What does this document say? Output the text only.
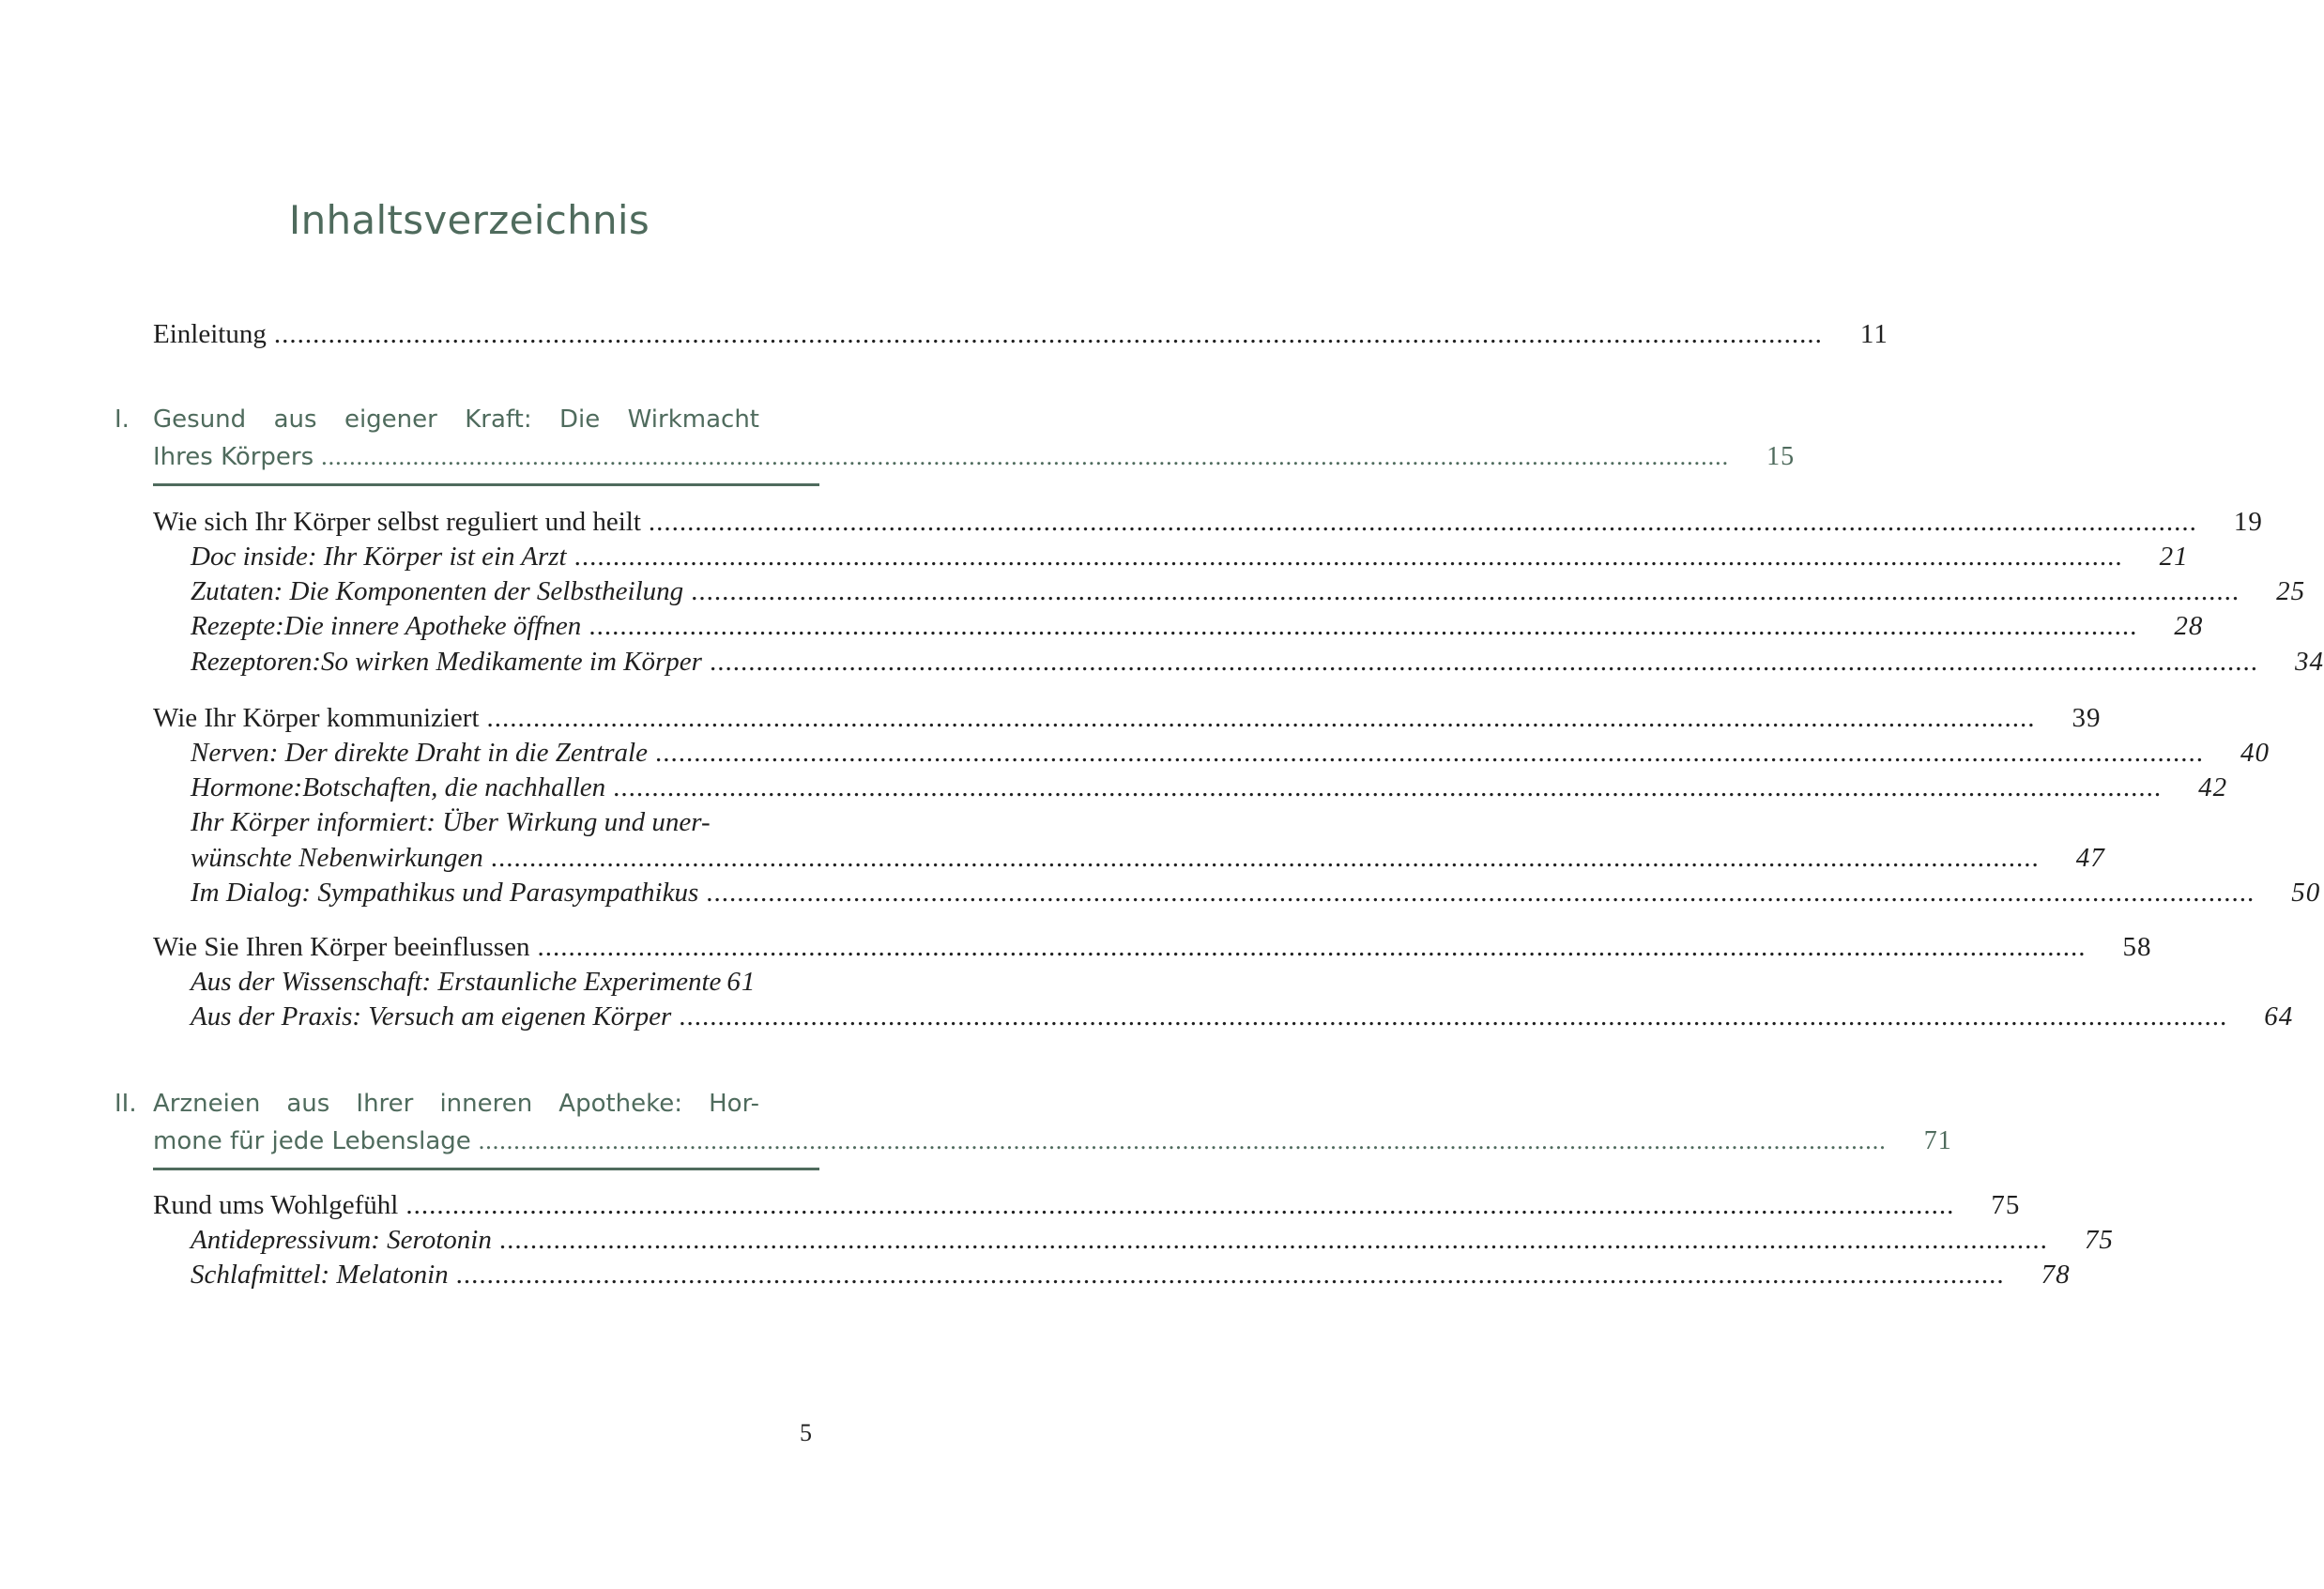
Inhaltsverzeichnis
Einleitung ........................................................................................................................................................................................................	11
I. Gesund aus eigener Kraft: Die Wirkmacht
Ihres Körpers ........................................................................................................................................................................................................	15
Wie sich Ihr Körper selbst reguliert und heilt ........................................................................................................................................................................................................	19
Doc inside: Ihr Körper ist ein Arzt ........................................................................................................................................................................................................	21
Zutaten: Die Komponenten der Selbstheilung ........................................................................................................................................................................................................	25
Rezepte:Die innere Apotheke öffnen ........................................................................................................................................................................................................	28
Rezeptoren:So wirken Medikamente im Körper ........................................................................................................................................................................................................	34
Wie Ihr Körper kommuniziert ........................................................................................................................................................................................................	39
Nerven: Der direkte Draht in die Zentrale ........................................................................................................................................................................................................	40
Hormone:Botschaften, die nachhallen ........................................................................................................................................................................................................	42
Ihr Körper informiert: Über Wirkung und uner-
wünschte Nebenwirkungen ........................................................................................................................................................................................................	47
Im Dialog: Sympathikus und Parasympathikus ........................................................................................................................................................................................................	50
Wie Sie Ihren Körper beeinflussen ........................................................................................................................................................................................................	58
Aus der Wissenschaft: Erstaunliche Experimente 61
Aus der Praxis: Versuch am eigenen Körper ........................................................................................................................................................................................................	64
II. Arzneien aus Ihrer inneren Apotheke: Hor-
mone für jede Lebenslage ........................................................................................................................................................................................................	71
Rund ums Wohlgefühl ........................................................................................................................................................................................................	75
Antidepressivum: Serotonin ........................................................................................................................................................................................................	75
Schlafmittel: Melatonin ........................................................................................................................................................................................................	78
5
